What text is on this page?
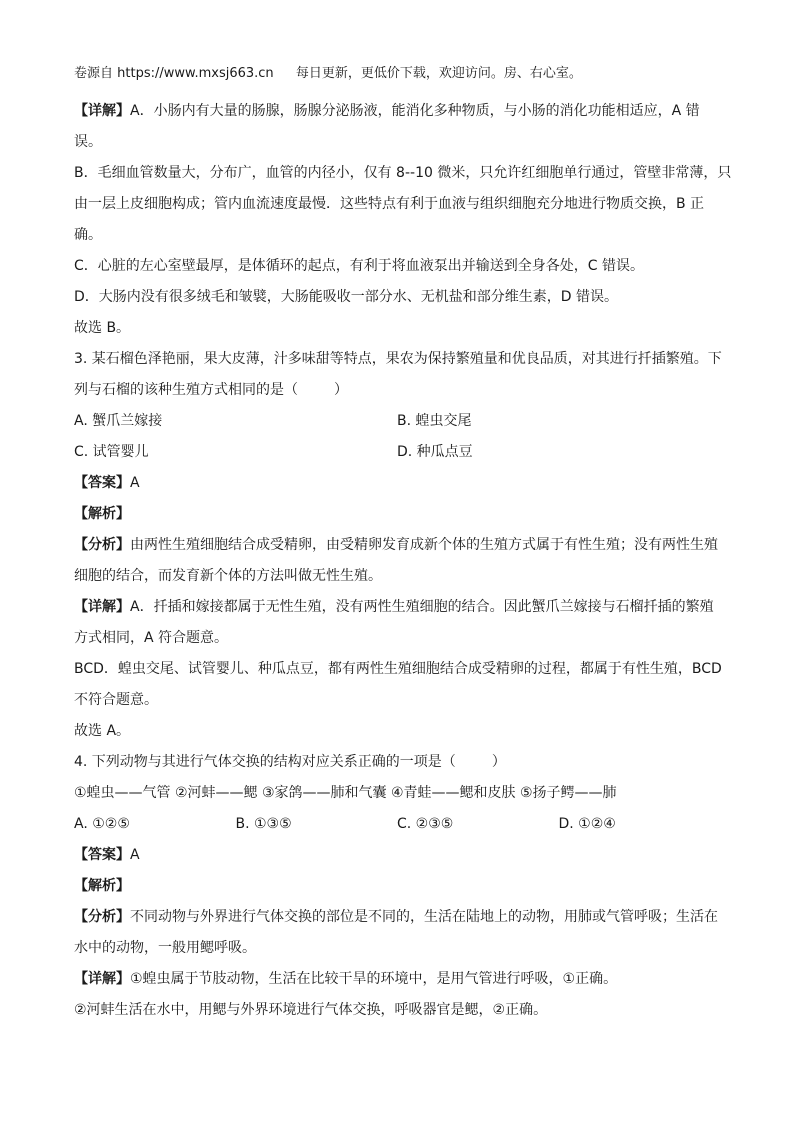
卷源自 https://www.mxsj663.cn 每日更新，更低价下载，欢迎访问。房、右心室。
【详解】A．小肠内有大量的肠腺，肠腺分泌肠液，能消化多种物质，与小肠的消化功能相适应，A 错
误。
B．毛细血管数量大，分布广，血管的内径小，仅有 8--10 微米，只允许红细胞单行通过，管壁非常薄，只
由一层上皮细胞构成；管内血流速度最慢．这些特点有利于血液与组织细胞充分地进行物质交换，B 正
确。
C．心脏的左心室壁最厚，是体循环的起点，有利于将血液泵出并输送到全身各处，C 错误。
D．大肠内没有很多绒毛和皱襞，大肠能吸收一部分水、无机盐和部分维生素，D 错误。
故选 B。
3. 某石榴色泽艳丽，果大皮薄，汁多味甜等特点，果农为保持繁殖量和优良品质，对其进行扦插繁殖。下
列与石榴的该种生殖方式相同的是（	）
A. 蟹爪兰嫁接	B. 蝗虫交尾
C. 试管婴儿	D. 种瓜点豆
【答案】A
【解析】
【分析】由两性生殖细胞结合成受精卵，由受精卵发育成新个体的生殖方式属于有性生殖；没有两性生殖
细胞的结合，而发育新个体的方法叫做无性生殖。
【详解】A．扦插和嫁接都属于无性生殖，没有两性生殖细胞的结合。因此蟹爪兰嫁接与石榴扦插的繁殖
方式相同，A 符合题意。
BCD．蝗虫交尾、试管婴儿、种瓜点豆，都有两性生殖细胞结合成受精卵的过程，都属于有性生殖，BCD
不符合题意。
故选 A。
4. 下列动物与其进行气体交换的结构对应关系正确的一项是（	）
①蝗虫——气管 ②河蚌——鳃 ③家鸽——肺和气囊 ④青蛙——鳃和皮肤 ⑤扬子鳄——肺
A. ①②⑤	B. ①③⑤	C. ②③⑤	D. ①②④
【答案】A
【解析】
【分析】不同动物与外界进行气体交换的部位是不同的，生活在陆地上的动物，用肺或气管呼吸；生活在
水中的动物，一般用鳃呼吸。
【详解】①蝗虫属于节肢动物，生活在比较干旱的环境中，是用气管进行呼吸，①正确。
②河蚌生活在水中，用鳃与外界环境进行气体交换，呼吸器官是鳃，②正确。
